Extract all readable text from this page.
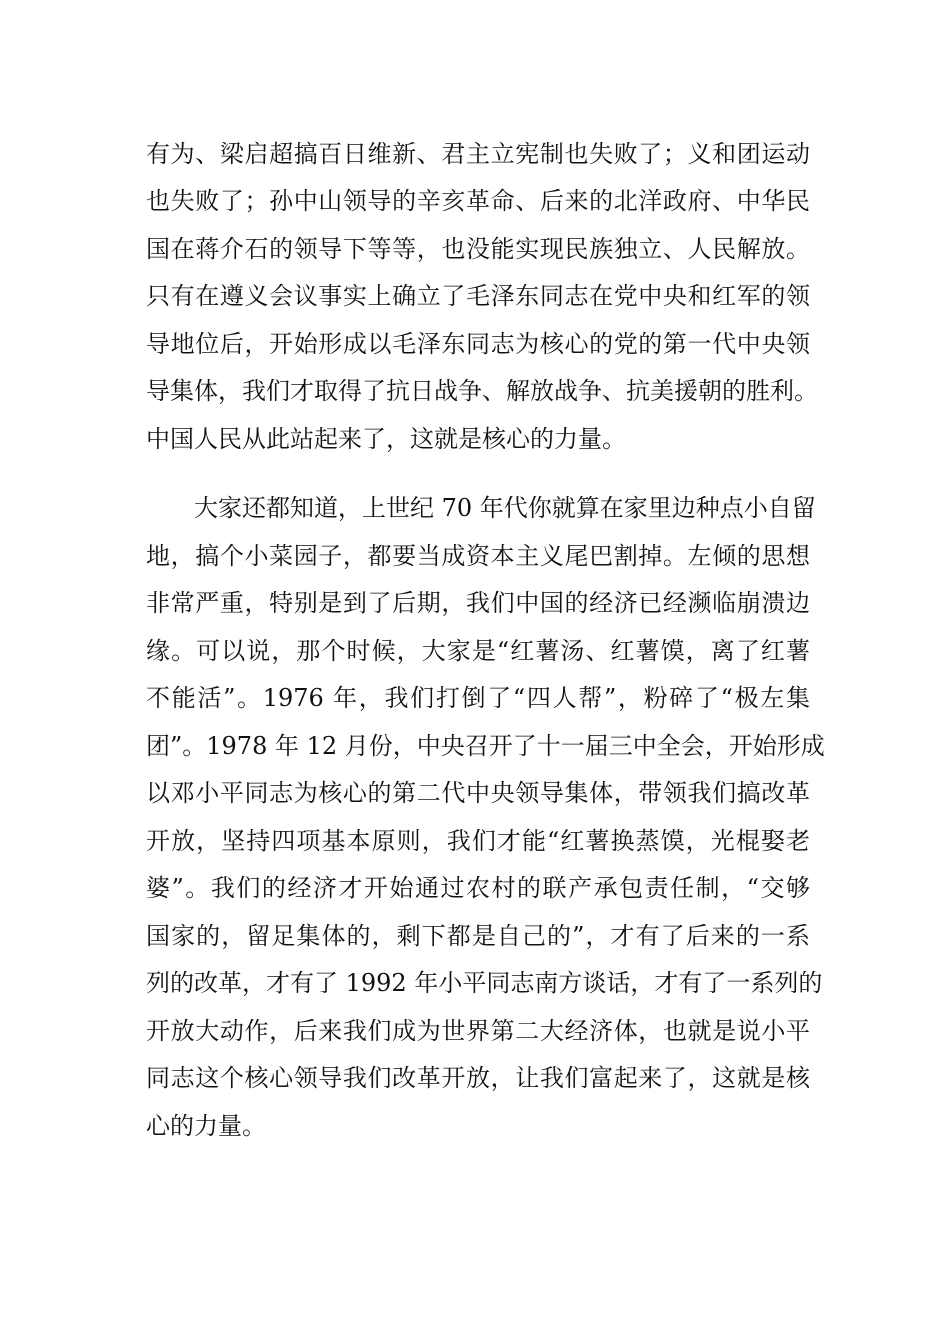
有为、梁启超搞百日维新、君主立宪制也失败了；义和团运动
也失败了；孙中山领导的辛亥革命、后来的北洋政府、中华民
国在蒋介石的领导下等等，也没能实现民族独立、人民解放。
只有在遵义会议事实上确立了毛泽东同志在党中央和红军的领
导地位后，开始形成以毛泽东同志为核心的党的第一代中央领
导集体，我们才取得了抗日战争、解放战争、抗美援朝的胜利。
中国人民从此站起来了，这就是核心的力量。
大家还都知道，上世纪 70 年代你就算在家里边种点小自留
地，搞个小菜园子，都要当成资本主义尾巴割掉。左倾的思想
非常严重，特别是到了后期，我们中国的经济已经濒临崩溃边
缘。可以说，那个时候，大家是“红薯汤、红薯馍，离了红薯
不能活”。1976 年，我们打倒了“四人帮”，粉碎了“极左集
团”。1978 年 12 月份，中央召开了十一届三中全会，开始形成
以邓小平同志为核心的第二代中央领导集体，带领我们搞改革
开放，坚持四项基本原则，我们才能“红薯换蒸馍，光棍娶老
婆”。我们的经济才开始通过农村的联产承包责任制，“交够
国家的，留足集体的，剩下都是自己的”，才有了后来的一系
列的改革，才有了 1992 年小平同志南方谈话，才有了一系列的
开放大动作，后来我们成为世界第二大经济体，也就是说小平
同志这个核心领导我们改革开放，让我们富起来了，这就是核
心的力量。
